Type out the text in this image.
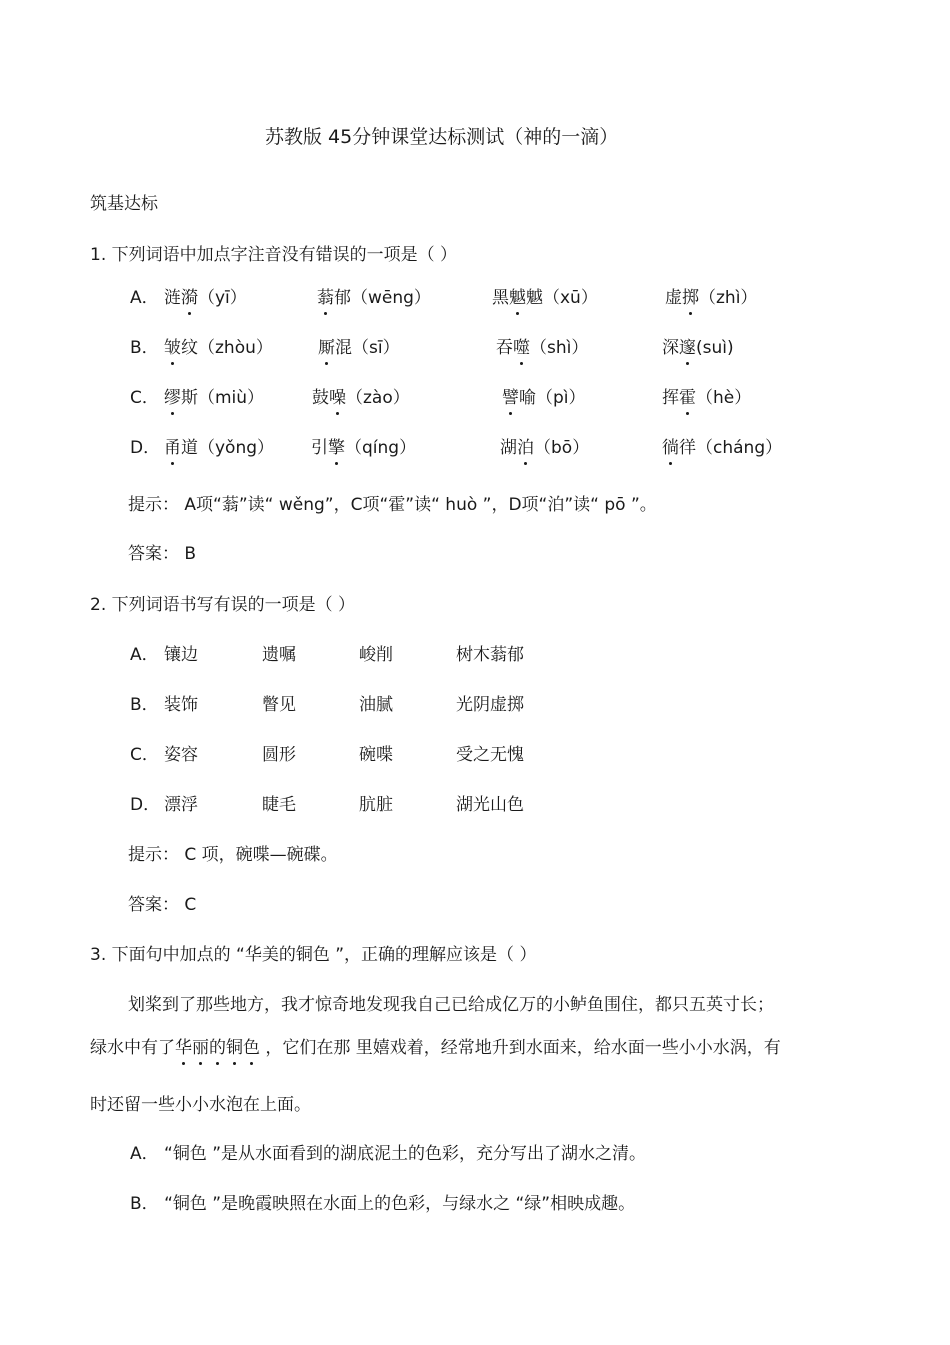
苏教版 45分钟课堂达标测试（神的一滴）
筑基达标
1. 下列词语中加点字注音没有错误的一项是（ ）
A． 涟漪（yī）	蓊郁（wēng）	黑魆魆（xū）	虚掷（zhì）
B． 皱纹（zhòu）	厮混（sī）	吞噬（shì）	深邃(suì)
C． 缪斯（miù）	鼓噪（zào）	譬喻（pì）	挥霍（hè）
D． 甬道（yǒng） 引擎（qíng）	湖泊（bō）	徜徉（cháng）
提示： A项“蓊”读“ wěng”，C项“霍”读“ huò ”，D项“泊”读“ pō ”。
答案： B
2. 下列词语书写有误的一项是（ ）
A． 镶边	遗嘱	峻削	树木蓊郁
B． 装饰	瞥见	油腻	光阴虚掷
C． 姿容	圆形	碗喋	受之无愧
D． 漂浮	睫毛	肮脏	湖光山色
提示： C 项，碗喋—碗碟。
答案： C
3. 下面句中加点的 “华美的铜色 ”，正确的理解应该是（ ）
划桨到了那些地方，我才惊奇地发现我自己已给成亿万的小鲈鱼围住，都只五英寸长；
绿水中有了华丽的铜色 ，它们在那 里嬉戏着，经常地升到水面来，给水面一些小小水涡，有
时还留一些小小水泡在上面。
A． “铜色 ”是从水面看到的湖底泥土的色彩，充分写出了湖水之清。
B． “铜色 ”是晚霞映照在水面上的色彩，与绿水之 “绿”相映成趣。
